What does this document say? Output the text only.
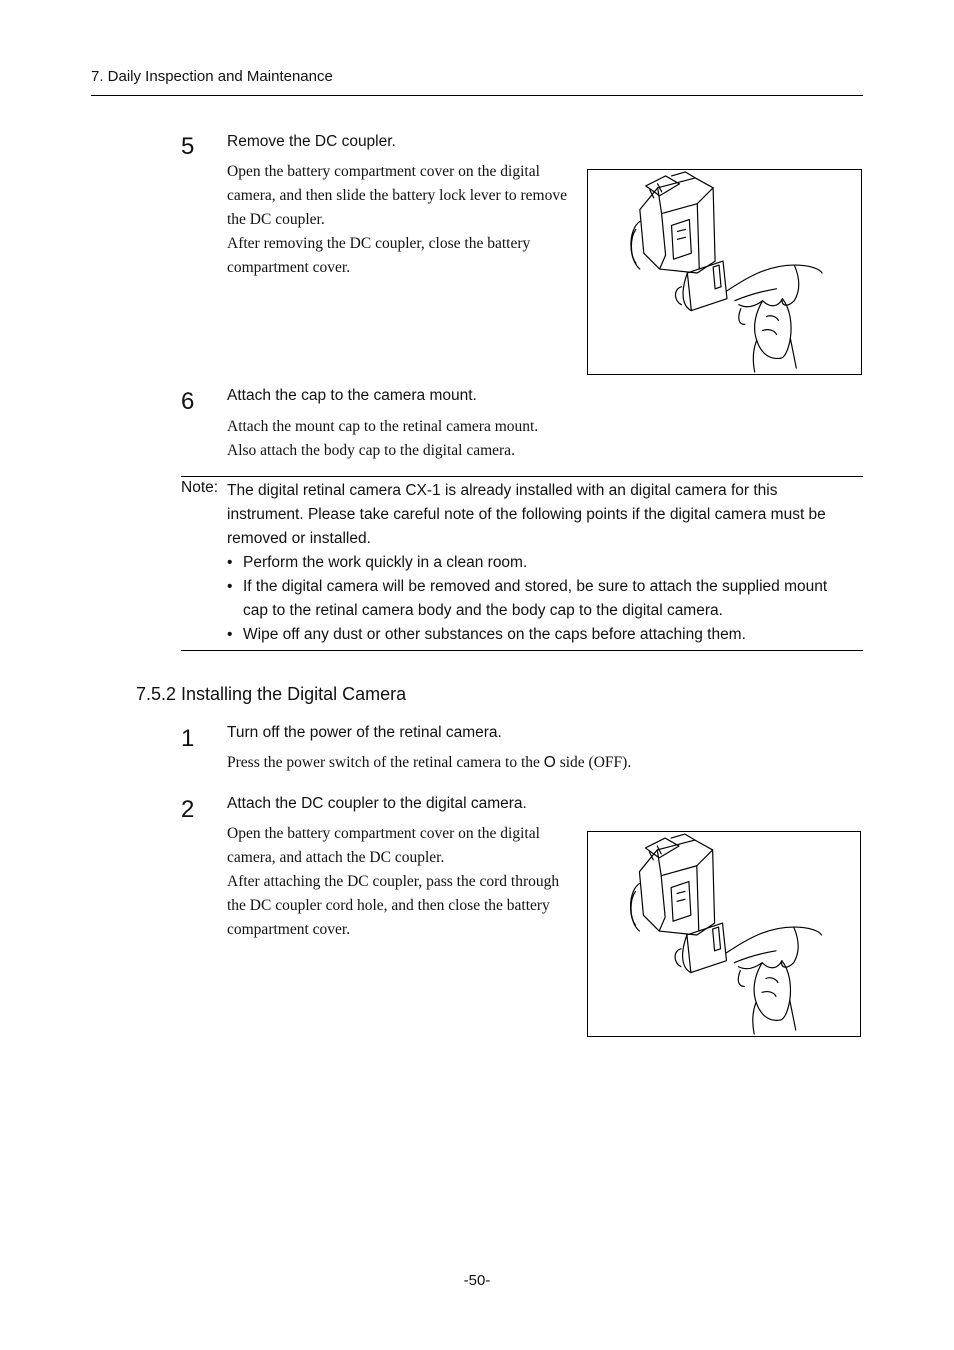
7. Daily Inspection and Maintenance
5 Remove the DC coupler.

Open the battery compartment cover on the digital

camera, and then slide the battery lock lever to remove

the DC coupler.

After removing the DC coupler, close the battery

compartment cover.

6 Attach the cap to the camera mount.

Attach the mount cap to the retinal camera mount.

Also attach the body cap to the digital camera.

Note: The digital retinal camera CX-1 is already installed with an digital camera for this

instrument. Please take careful note of the following points if the digital camera must be

removed or installed.

• Perform the work quickly in a clean room.

• If the digital camera will be removed and stored, be sure to attach the supplied mount

cap to the retinal camera body and the body cap to the digital camera.

• Wipe off any dust or other substances on the caps before attaching them.

7.5.2 Installing the Digital Camera
1 Turn off the power of the retinal camera.

Press the power switch of the retinal camera to the O side (OFF).

2 Attach the DC coupler to the digital camera.

Open the battery compartment cover on the digital

camera, and attach the DC coupler.

After attaching the DC coupler, pass the cord through

the DC coupler cord hole, and then close the battery

compartment cover.

-50-
